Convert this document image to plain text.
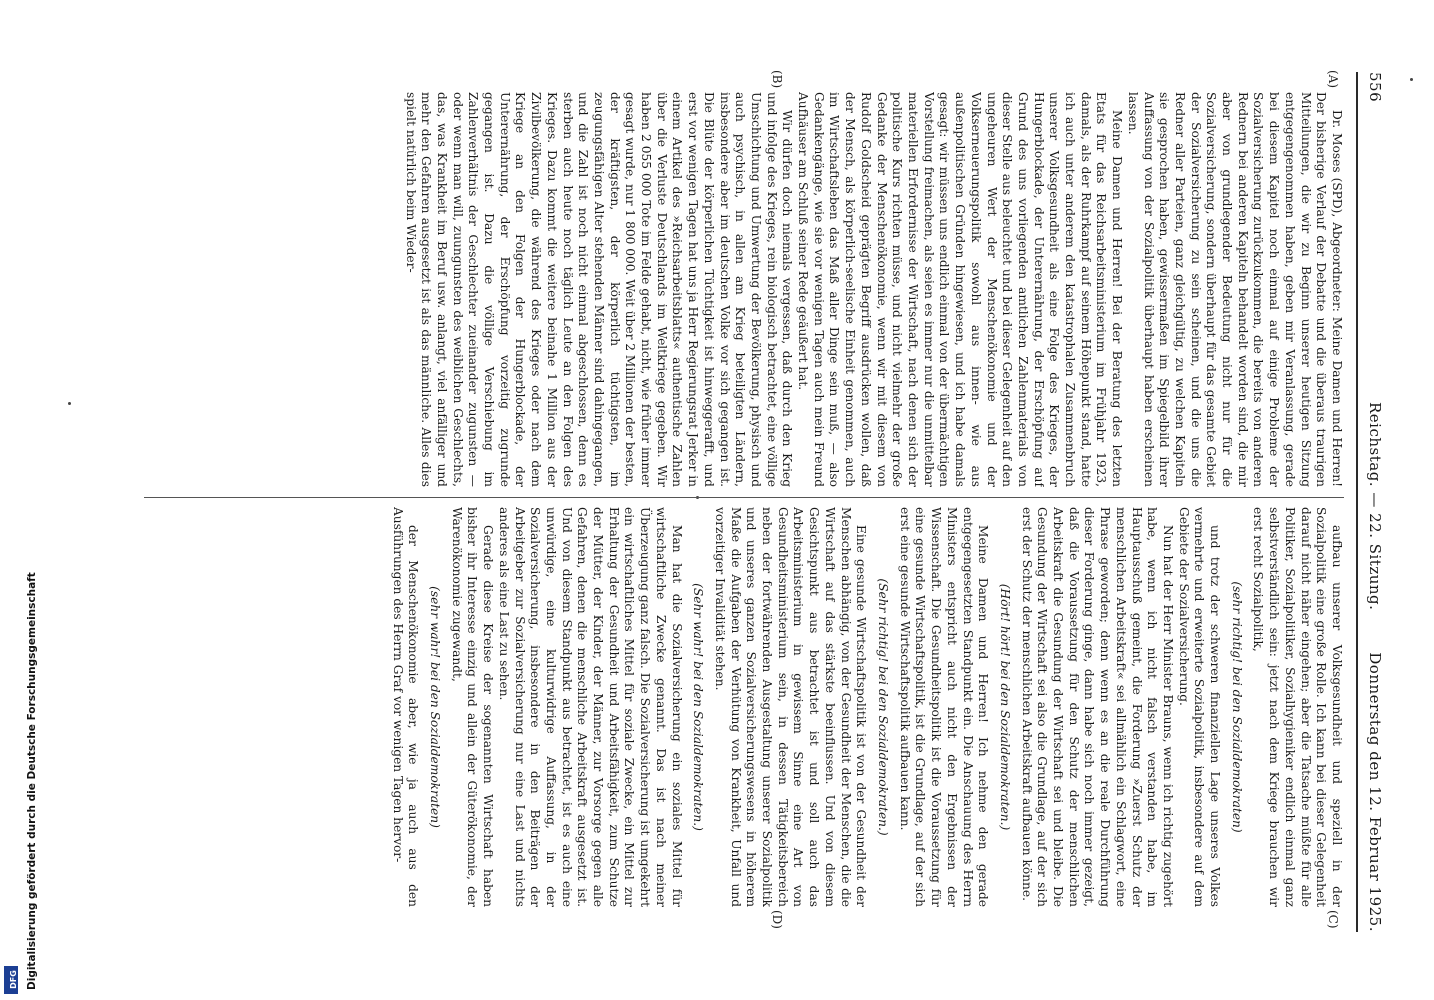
Digitalisierung gefördert durch die Deutsche Forschungsgemeinschaft
DFG
556
Reichstag. — 22. Sitzung.
Donnerstag den 12. Februar 1925.
(A)
(B)
(C)
(D)

Dr. Moses (SPD), Abgeordneter: Meine Damen und Herren! Der bisherige Verlauf der Debatte und die überaus traurigen Mitteilungen, die wir zu Beginn unserer heutigen Sitzung entgegengenommen haben, geben mir Veranlassung, gerade bei diesem Kapitel noch einmal auf einige Probleme der Sozialversicherung zurückzukommen, die bereits von anderen Rednern bei anderen Kapiteln behandelt worden sind, die mir aber von grundlegender Bedeutung nicht nur für die Sozialversicherung, sondern überhaupt für das gesamte Gebiet der Sozialversicherung zu sein scheinen, und die uns die Redner aller Parteien, ganz gleichgültig, zu welchen Kapiteln sie gesprochen haben, gewissermaßen im Spiegelbild ihrer Auffassung von der Sozialpolitik überhaupt haben erscheinen lassen.

Meine Damen und Herren! Bei der Beratung des letzten Etats für das Reichsarbeitsministerium im Frühjahr 1923, damals, als der Ruhrkampf auf seinem Höhepunkt stand, hatte ich auch unter anderem den katastrophalen Zusammenbruch unserer Volksgesundheit als eine Folge des Krieges, der Hungerblockade, der Unterernährung, der Erschöpfung auf Grund des uns vorliegenden amtlichen Zahlenmaterials von dieser Stelle aus beleuchtet und bei dieser Gelegenheit auf den ungeheuren Wert der Menschenökonomie und der Volkserneuerungspolitik sowohl aus innen- wie aus außenpolitischen Gründen hingewiesen, und ich habe damals gesagt: wir müssen uns endlich einmal von der übermächtigen Vorstellung freimachen, als seien es immer nur die unmittelbar materiellen Erfordernisse der Wirtschaft, nach denen sich der politische Kurs richten müsse, und nicht vielmehr der große Gedanke der Menschenökonomie, wenn wir mit diesem von Rudolf Goldscheid geprägten Begriff ausdrücken wollen, daß der Mensch, als körperlich-seelische Einheit genommen, auch im Wirtschaftsleben das Maß aller Dinge sein muß, — also Gedankengänge, wie sie vor wenigen Tagen auch mein Freund Aufhäuser am Schluß seiner Rede geäußert hat.

Wir dürfen doch niemals vergessen, daß durch den Krieg und infolge des Krieges, rein biologisch betrachtet, eine völlige Umschichtung und Umwertung der Bevölkerung, physisch und auch psychisch, in allen am Krieg beteiligten Ländern, insbesondere aber im deutschen Volke vor sich gegangen ist. Die Blüte der körperlichen Tüchtigkeit ist hinweggerafft, und erst vor wenigen Tagen hat uns ja Herr Regierungsrat Jerker in einem Artikel des »Reichsarbeitsblatts« authentische Zahlen über die Verluste Deutschlands im Weltkriege gegeben. Wir haben 2 055 000 Tote im Felde gehabt, nicht, wie früher immer gesagt wurde, nur 1 800 000. Weit über 2 Millionen der besten, der kräftigsten, der körperlich tüchtigsten, im zeugungsfähigen Alter stehenden Männer sind dahingegangen, und die Zahl ist noch nicht einmal abgeschlossen, denn es sterben auch heute noch täglich Leute an den Folgen des Krieges. Dazu kommt die weitere beinahe 1 Million aus der Zivilbevölkerung, die während des Krieges oder nach dem Kriege an den Folgen der Hungerblockade, der Unterernährung, der Erschöpfung vorzeitig zugrunde gegangen ist. Dazu die völlige Verschiebung im Zahlenverhältnis der Geschlechter zueinander zugunsten — oder wenn man will, zuungunsten des weiblichen Geschlechts, das, was Krankheit im Beruf usw. anlangt, viel anfälliger und mehr den Gefahren ausgesetzt ist als das männliche. Alles dies spielt natürlich beim Wieder-

aufbau unserer Volksgesundheit und speziell in der Sozialpolitik eine große Rolle. Ich kann bei dieser Gelegenheit darauf nicht näher eingehen; aber die Tatsache müßte für alle Politiker, Sozialpolitiker, Sozialhygieniker endlich einmal ganz selbstverständlich sein: jetzt nach dem Kriege brauchen wir erst recht Sozialpolitik,

(sehr richtig! bei den Sozialdemokraten)

und trotz der schweren finanziellen Lage unseres Volkes vermehrte und erweiterte Sozialpolitik, insbesondere auf dem Gebiete der Sozialversicherung.

Nun hat der Herr Minister Brauns, wenn ich richtig zugehört habe, wenn ich nicht falsch verstanden habe, im Hauptausschuß gemeint, die Forderung »Zuerst Schutz der menschlichen Arbeitskraft« sei allmählich ein Schlagwort, eine Phrase geworden; denn wenn es an die reale Durchführung dieser Forderung ginge, dann habe sich noch immer gezeigt, daß die Voraussetzung für den Schutz der menschlichen Arbeitskraft die Gesundung der Wirtschaft sei und bleibe. Die Gesundung der Wirtschaft sei also die Grundlage, auf der sich erst der Schutz der menschlichen Arbeitskraft aufbauen könne.

(Hört! hört! bei den Sozialdemokraten.)

Meine Damen und Herren! Ich nehme den gerade entgegengesetzten Standpunkt ein. Die Anschauung des Herrn Ministers entspricht auch nicht den Ergebnissen der Wissenschaft. Die Gesundheitspolitik ist die Voraussetzung für eine gesunde Wirtschaftspolitik, ist die Grundlage, auf der sich erst eine gesunde Wirtschaftspolitik aufbauen kann.

(Sehr richtig! bei den Sozialdemokraten.)

Eine gesunde Wirtschaftspolitik ist von der Gesundheit der Menschen abhängig, von der Gesundheit der Menschen, die die Wirtschaft auf das stärkste beeinflussen. Und von diesem Gesichtspunkt aus betrachtet ist und soll auch das Arbeitsministerium in gewissem Sinne eine Art von Gesundheitsministerium sein, in dessen Tätigkeitsbereich neben der fortwährenden Ausgestaltung unserer Sozialpolitik und unseres ganzen Sozialversicherungswesens in höherem Maße die Aufgaben der Verhütung von Krankheit, Unfall und vorzeitiger Invalidität stehen.

(Sehr wahr! bei den Sozialdemokraten.)

Man hat die Sozialversicherung ein soziales Mittel für wirtschaftliche Zwecke genannt. Das ist nach meiner Überzeugung ganz falsch. Die Sozialversicherung ist umgekehrt ein wirtschaftliches Mittel für soziale Zwecke, ein Mittel zur Erhaltung der Gesundheit und Arbeitsfähigkeit, zum Schutze der Mütter, der Kinder, der Männer, zur Vorsorge gegen alle Gefahren, denen die menschliche Arbeitskraft ausgesetzt ist. Und von diesem Standpunkt aus betrachtet, ist es auch eine unwürdige, eine kulturwidrige Auffassung, in der Sozialversicherung, insbesondere in den Beiträgen der Arbeitgeber zur Sozialversicherung nur eine Last und nichts anderes als eine Last zu sehen.

Gerade diese Kreise der sogenannten Wirtschaft haben bisher ihr Interesse einzig und allein der Güterökonomie, der Warenökonomie zugewandt,

(sehr wahr! bei den Sozialdemokraten)

der Menschenökonomie aber, wie ja auch aus den Ausführungen des Herrn Graf vor wenigen Tagen hervor-
